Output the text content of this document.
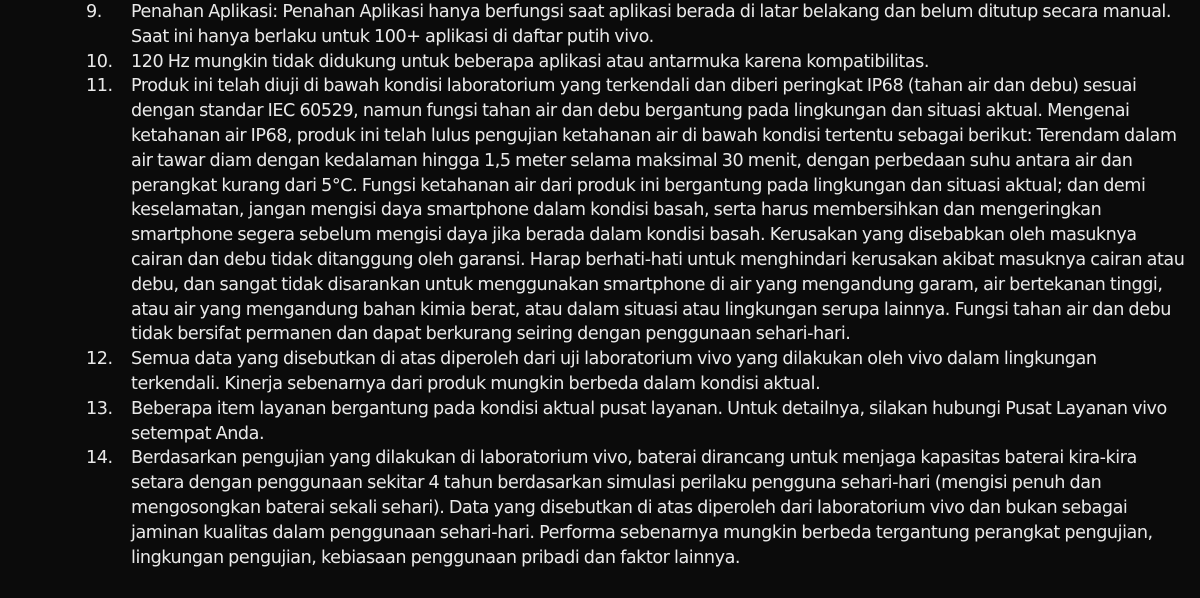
9.	Penahan Aplikasi: Penahan Aplikasi hanya berfungsi saat aplikasi berada di latar belakang dan belum ditutup secara manual. Saat ini hanya berlaku untuk 100+ aplikasi di daftar putih vivo.
10.	120 Hz mungkin tidak didukung untuk beberapa aplikasi atau antarmuka karena kompatibilitas.
11.	Produk ini telah diuji di bawah kondisi laboratorium yang terkendali dan diberi peringkat IP68 (tahan air dan debu) sesuai dengan standar IEC 60529, namun fungsi tahan air dan debu bergantung pada lingkungan dan situasi aktual. Mengenai ketahanan air IP68, produk ini telah lulus pengujian ketahanan air di bawah kondisi tertentu sebagai berikut: Terendam dalam air tawar diam dengan kedalaman hingga 1,5 meter selama maksimal 30 menit, dengan perbedaan suhu antara air dan perangkat kurang dari 5°C. Fungsi ketahanan air dari produk ini bergantung pada lingkungan dan situasi aktual; dan demi keselamatan, jangan mengisi daya smartphone dalam kondisi basah, serta harus membersihkan dan mengeringkan smartphone segera sebelum mengisi daya jika berada dalam kondisi basah. Kerusakan yang disebabkan oleh masuknya cairan dan debu tidak ditanggung oleh garansi. Harap berhati-hati untuk menghindari kerusakan akibat masuknya cairan atau debu, dan sangat tidak disarankan untuk menggunakan smartphone di air yang mengandung garam, air bertekanan tinggi, atau air yang mengandung bahan kimia berat, atau dalam situasi atau lingkungan serupa lainnya. Fungsi tahan air dan debu tidak bersifat permanen dan dapat berkurang seiring dengan penggunaan sehari-hari.
12.	Semua data yang disebutkan di atas diperoleh dari uji laboratorium vivo yang dilakukan oleh vivo dalam lingkungan terkendali. Kinerja sebenarnya dari produk mungkin berbeda dalam kondisi aktual.
13.	Beberapa item layanan bergantung pada kondisi aktual pusat layanan. Untuk detailnya, silakan hubungi Pusat Layanan vivo setempat Anda.
14.	Berdasarkan pengujian yang dilakukan di laboratorium vivo, baterai dirancang untuk menjaga kapasitas baterai kira-kira setara dengan penggunaan sekitar 4 tahun berdasarkan simulasi perilaku pengguna sehari-hari (mengisi penuh dan mengosongkan baterai sekali sehari). Data yang disebutkan di atas diperoleh dari laboratorium vivo dan bukan sebagai jaminan kualitas dalam penggunaan sehari-hari. Performa sebenarnya mungkin berbeda tergantung perangkat pengujian, lingkungan pengujian, kebiasaan penggunaan pribadi dan faktor lainnya.
